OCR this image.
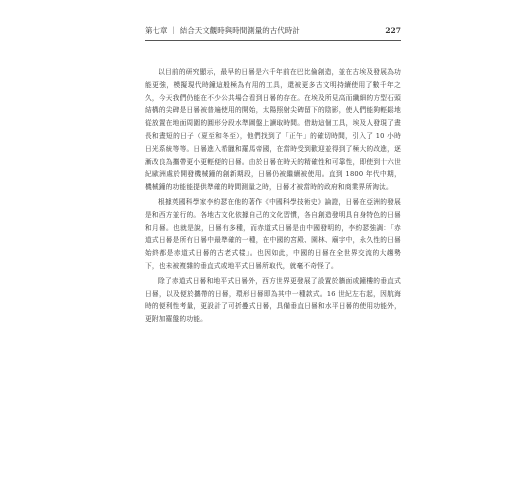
第七章 ｜ 結合天文觀時與時間測量的古代時計	227

以目前的研究顯示，最早的日晷是六千年前在巴比倫創造，並在古埃及發展為功能更強，模擬現代時鐘這般極為有用的工具，還被更多古文明持續使用了數千年之久，今天我們仍能在不少公共場合看到日晷的存在。在埃及所見高而纖細的方型石頭結構的尖碑是日晷被普遍使用的開始，太陽照射尖碑留下的陰影，使人們能夠輕鬆地從放置在地面周圍的圓形分段水準圖盤上讀取時間。借助這個工具，埃及人發現了晝長和晝短的日子（夏至和冬至），他們找到了「正午」的確切時間，引入了 10 小時日光系統等等。日晷進入希臘和羅馬帝國，在當時受到歡迎並得到了極大的改進，逐漸改良為攜帶更小更輕便的日晷。由於日晷在時天的精確性和可靠性，即使到十六世紀歐洲處於開發機械鐘的創新期段，日晷仍被繼續被使用。直到 1800 年代中期，機械鐘的功能能提供準確的時間測量之時，日晷才被當時的政府和商業界所淘汰。

根據英國科學家李約瑟在他的著作《中國科學技術史》論證，日晷在亞洲的發展是和西方並行的。各地古文化依據自己的文化習慣，各自創造發明具自身特色的日晷和月晷。也就是說，日晷有多種，而赤道式日晷是由中國發明的，李約瑟強調：「赤道式日晷是所有日晷中最準確的一種，在中國的宮殿、園林、廟宇中，永久性的日晷始終都是赤道式日晷的古老式樣」。也因如此，中國的日晷在全世界交流的大趨勢下，也未被複雜的垂直式或地平式日晷所取代，就毫不奇怪了。

除了赤道式日晷和地平式日晷外，西方世界更發展了設置於牆面或鐘樓的垂直式日晷，以及便於攜帶的日晷，環形日晷即為其中一種款式。16 世紀左右起，因航海時的便利性考量，更設計了可折疊式日晷，具備垂直日晷和水平日晷的使用功能外，更附加羅盤的功能。
